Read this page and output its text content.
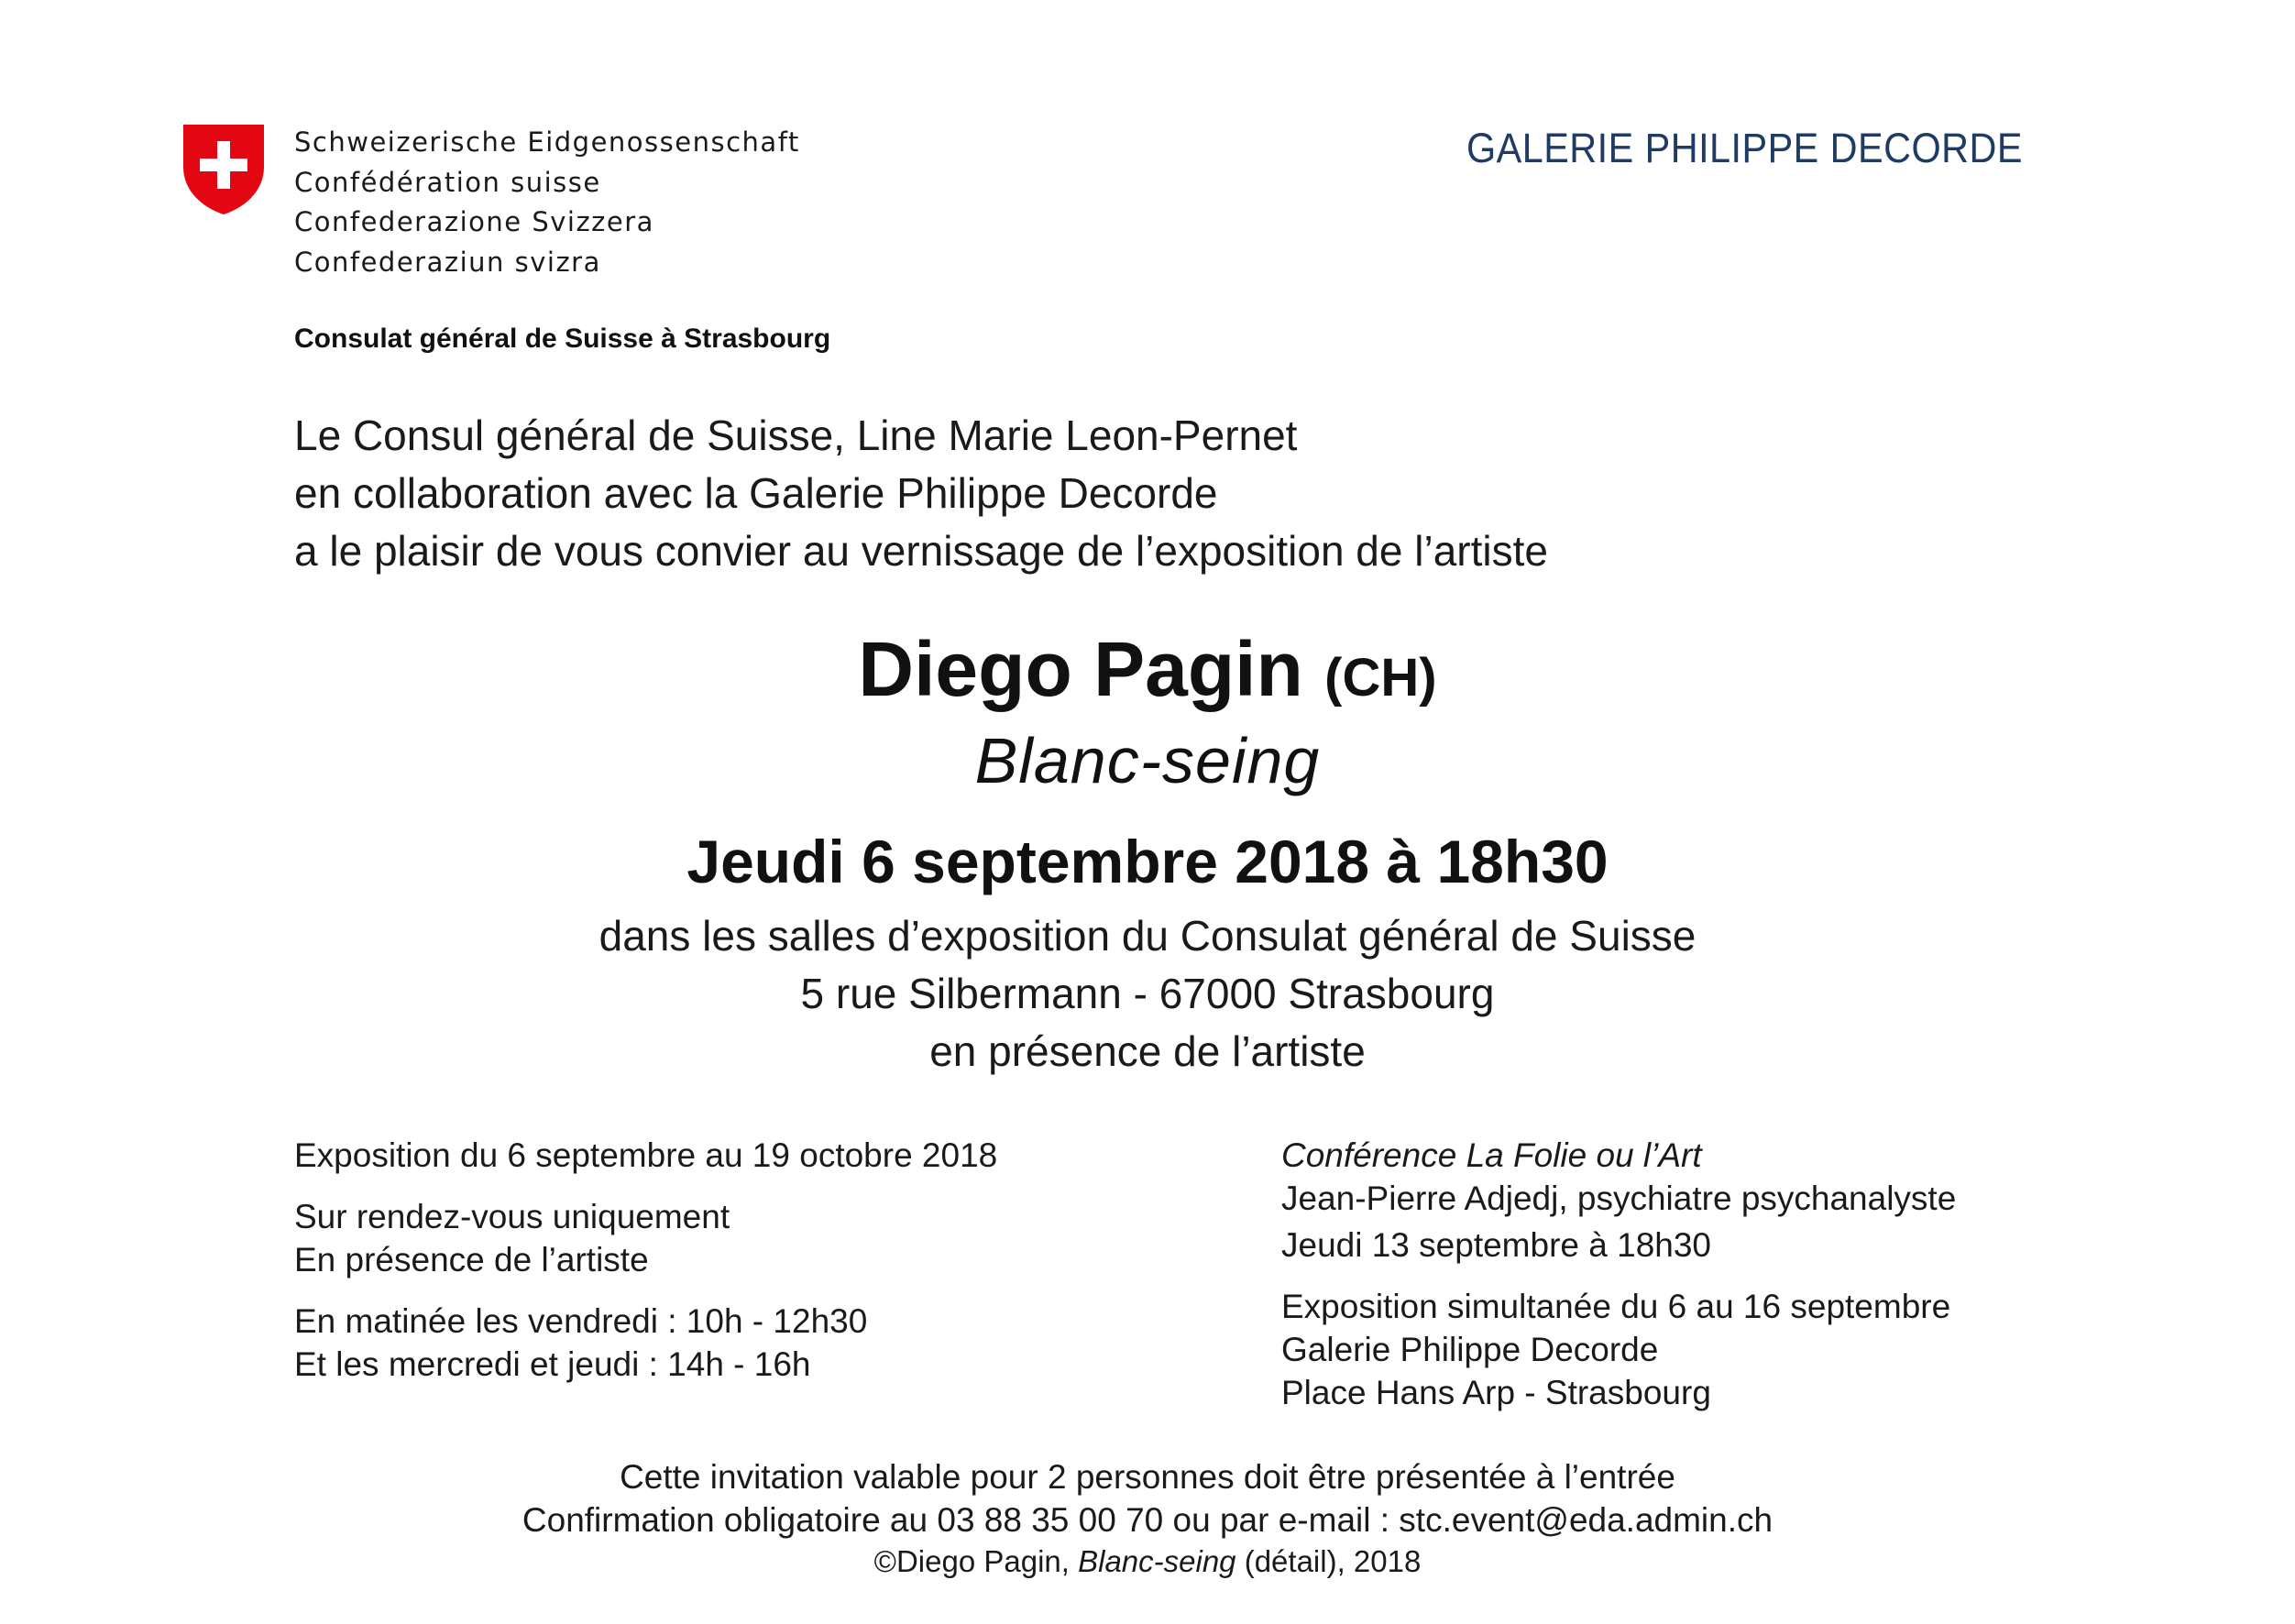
Schweizerische Eidgenossenschaft
Confédération suisse
Confederazione Svizzera
Confederaziun svizra
GALERIE PHILIPPE DECORDE
Consulat général de Suisse à Strasbourg
Le Consul général de Suisse, Line Marie Leon-Pernet
en collaboration avec la Galerie Philippe Decorde
a le plaisir de vous convier au vernissage de l’exposition de l’artiste
Diego Pagin (CH)
Blanc-seing
Jeudi 6 septembre 2018 à 18h30
dans les salles d’exposition du Consulat général de Suisse
5 rue Silbermann - 67000 Strasbourg
en présence de l’artiste
Exposition du 6 septembre au 19 octobre 2018
Sur rendez-vous uniquement
En présence de l’artiste
En matinée les vendredi : 10h - 12h30
Et les mercredi et jeudi : 14h - 16h
Conférence La Folie ou l’Art
Jean-Pierre Adjedj, psychiatre psychanalyste
Jeudi 13 septembre à 18h30
Exposition simultanée du 6 au 16 septembre
Galerie Philippe Decorde
Place Hans Arp - Strasbourg
Cette invitation valable pour 2 personnes doit être présentée à l’entrée
Confirmation obligatoire au 03 88 35 00 70 ou par e-mail : stc.event@eda.admin.ch
©Diego Pagin, Blanc-seing (détail), 2018
